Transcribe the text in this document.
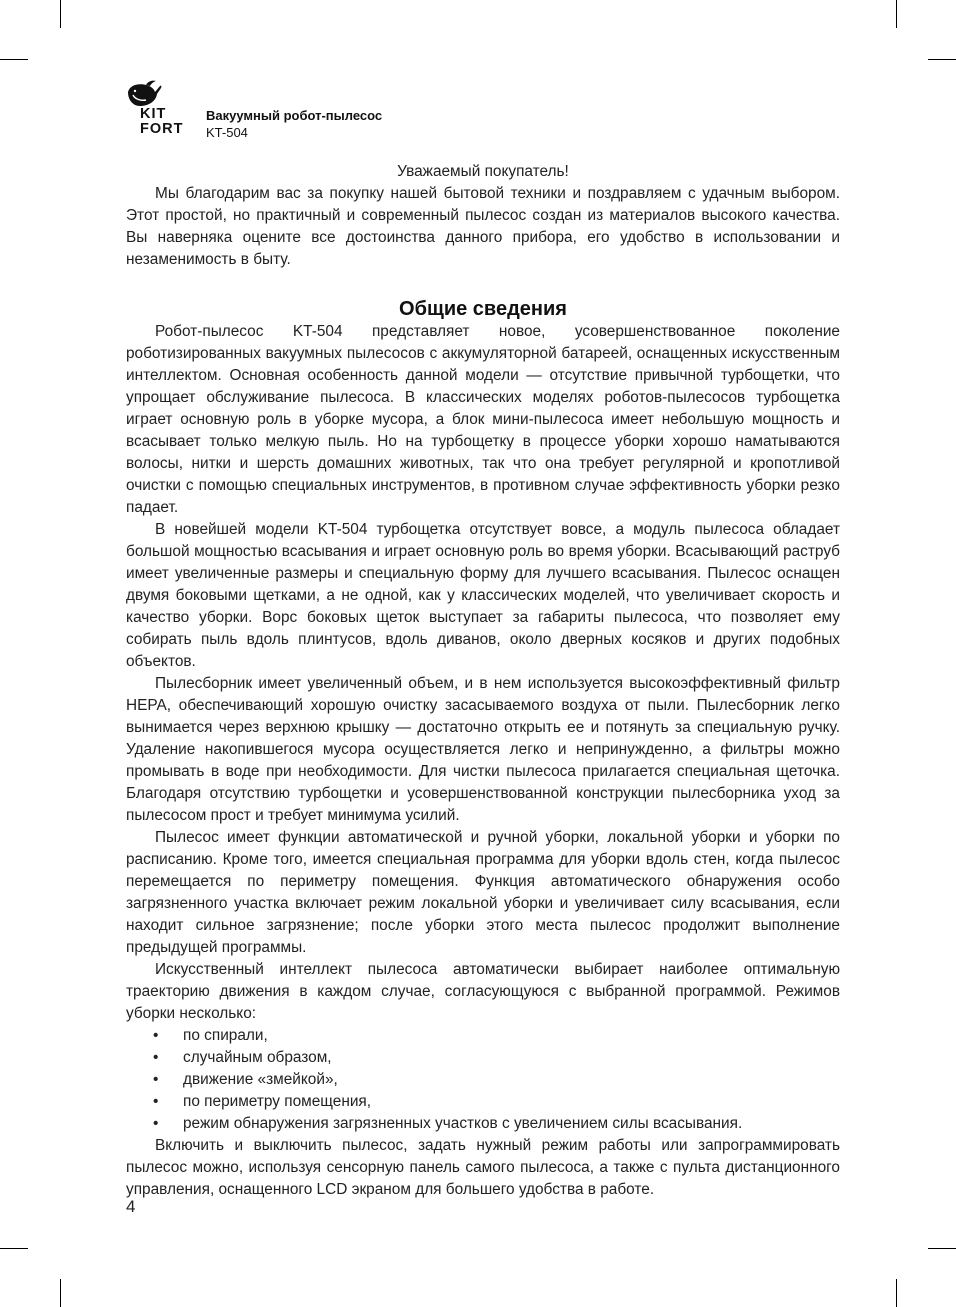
KIT
FORT
Вакуумный робот-пылесос
KT-504

Уважаемый покупатель!

Мы благодарим вас за покупку нашей бытовой техники и поздравляем с удачным выбором. Этот простой, но практичный и современный пылесос создан из материалов высокого качества. Вы наверняка оцените все достоинства данного прибора, его удобство в использовании и незаменимость в быту.

Общие сведения

Робот-пылесос KT-504 представляет новое, усовершенствованное поколение роботизированных вакуумных пылесосов с аккумуляторной батареей, оснащенных искусственным интеллектом. Основная особенность данной модели — отсутствие привычной турбощетки, что упрощает обслуживание пылесоса. В классических моделях роботов-пылесосов турбощетка играет основную роль в уборке мусора, а блок мини-пылесоса имеет небольшую мощность и всасывает только мелкую пыль. Но на турбощетку в процессе уборки хорошо наматываются волосы, нитки и шерсть домашних животных, так что она требует регулярной и кропотливой очистки с помощью специальных инструментов, в противном случае эффективность уборки резко падает.

В новейшей модели KT-504 турбощетка отсутствует вовсе, а модуль пылесоса обладает большой мощностью всасывания и играет основную роль во время уборки. Всасывающий раструб имеет увеличенные размеры и специальную форму для лучшего всасывания. Пылесос оснащен двумя боковыми щетками, а не одной, как у классических моделей, что увеличивает скорость и качество уборки. Ворс боковых щеток выступает за габариты пылесоса, что позволяет ему собирать пыль вдоль плинтусов, вдоль диванов, около дверных косяков и других подобных объектов.

Пылесборник имеет увеличенный объем, и в нем используется высокоэффективный фильтр HEPA, обеспечивающий хорошую очистку засасываемого воздуха от пыли. Пылесборник легко вынимается через верхнюю крышку — достаточно открыть ее и потянуть за специальную ручку. Удаление накопившегося мусора осуществляется легко и непринужденно, а фильтры можно промывать в воде при необходимости. Для чистки пылесоса прилагается специальная щеточка. Благодаря отсутствию турбощетки и усовершенствованной конструкции пылесборника уход за пылесосом прост и требует минимума усилий.

Пылесос имеет функции автоматической и ручной уборки, локальной уборки и уборки по расписанию. Кроме того, имеется специальная программа для уборки вдоль стен, когда пылесос перемещается по периметру помещения. Функция автоматического обнаружения особо загрязненного участка включает режим локальной уборки и увеличивает силу всасывания, если находит сильное загрязнение; после уборки этого места пылесос продолжит выполнение предыдущей программы.

Искусственный интеллект пылесоса автоматически выбирает наиболее оптимальную траекторию движения в каждом случае, согласующуюся с выбранной программой. Режимов уборки несколько:

• по спирали,
• случайным образом,
• движение «змейкой»,
• по периметру помещения,
• режим обнаружения загрязненных участков с увеличением силы всасывания.

Включить и выключить пылесос, задать нужный режим работы или запрограммировать пылесос можно, используя сенсорную панель самого пылесоса, а также с пульта дистанционного управления, оснащенного LCD экраном для большего удобства в работе.

4
